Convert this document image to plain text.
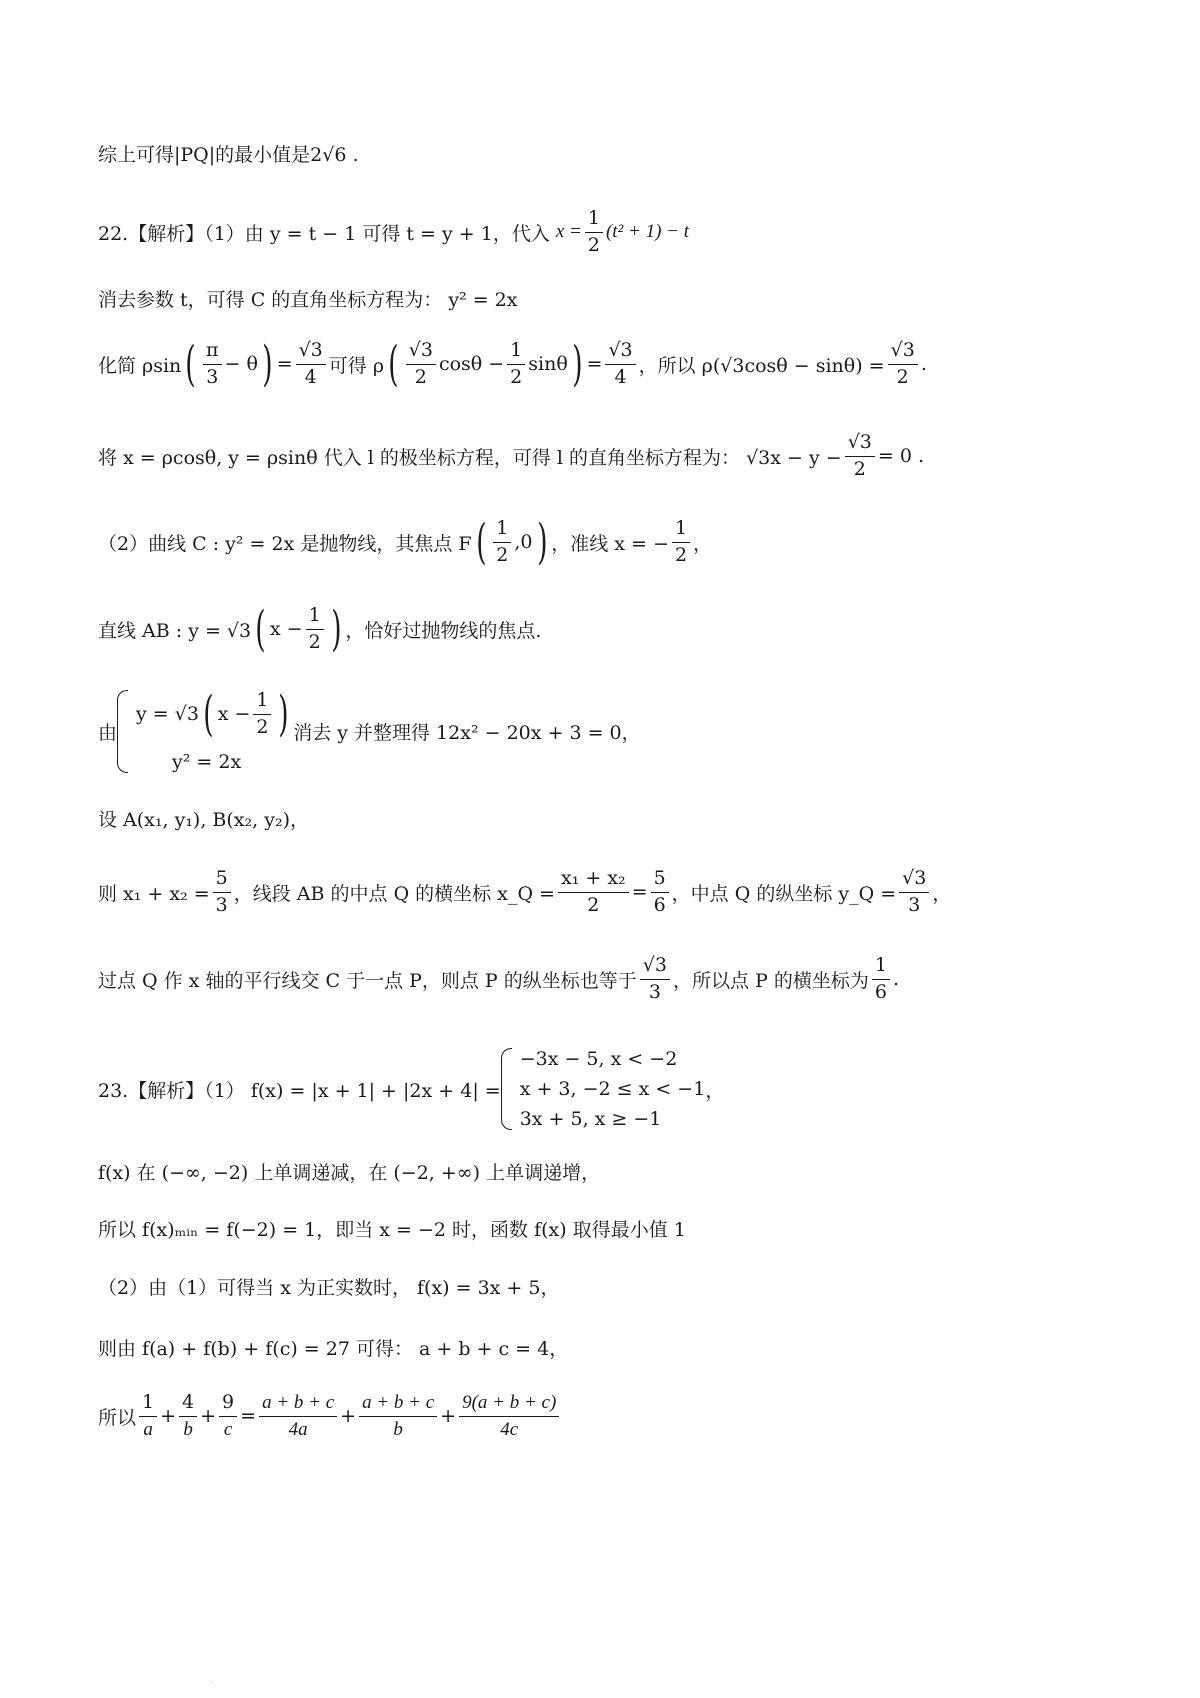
综上可得|PQ|的最小值是2√6 .
22.【解析】（1）由 y = t − 1 可得 t = y + 1，代入 $x = \frac{1}{2} (t^2 + 1) - t$
消去参数 t，可得 C 的直角坐标方程为： y² = 2x
化简 ρsin ( $\frac{\pi}{3} - \theta$ ) = $\frac{√3}{4}$ 可得 ρ ( $\frac{√3}{2}$ $\cos\theta - \frac{1}{2}$ sinθ ) = $\frac{√3}{4}$ ，所以 $\rho(√3\cos\theta - \sin\theta) = \frac{√3}{2}$ .
将 x = ρcosθ, y = ρsinθ 代入 l 的极坐标方程，可得 l 的直角坐标方程为： $√3x - y - \frac{√3}{2} = 0$ .
（2）曲线 C : y² = 2x 是抛物线，其焦点 F ( $\frac{1}{2} ,0$ ) ，准线 x = − $\frac{1}{2}$ ，
直线 AB : y = √3 ( $x - \frac{1}{2}$ ) ，恰好过抛物线的焦点.
由
y = √3 ( $x - \frac{1}{2}$ )
y² = 2x
消去 y 并整理得 12x² − 20x + 3 = 0，
设 A(x₁, y₁), B(x₂, y₂)，
则 $x_1 + x_2 = \frac{5}{3}$ ，线段 AB 的中点 Q 的横坐标 x_Q = $\frac{\text{x₁ + x₂}}{2} = \frac{5}{6}$ ，中点 Q 的纵坐标 y_Q = $\frac{√3}{3}$ ，
过点 Q 作 x 轴的平行线交 C 于一点 P，则点 P 的纵坐标也等于 $\frac{√3}{3}$ ，所以点 P 的横坐标为 $\frac{1}{6}$ .
23.【解析】（1） f(x) = |x + 1| + |2x + 4| =
−3x − 5, x < −2
x + 3, −2 ≤ x < −1
3x + 5, x ≥ −1
，
f(x) 在 (−∞, −2) 上单调递减，在 (−2, +∞) 上单调递增，
所以 f(x)ₘᵢₙ = f(−2) = 1，即当 x = −2 时，函数 f(x) 取得最小值 1
（2）由（1）可得当 x 为正实数时， f(x) = 3x + 5，
则由 f(a) + f(b) + f(c) = 27 可得： a + b + c = 4，
所以 $\frac{1}{a} + \frac{4}{b} + \frac{9}{c} = \frac{a + b + c}{4a} + \frac{a + b + c}{b} + \frac{9(a + b + c)}{4c}$
·
